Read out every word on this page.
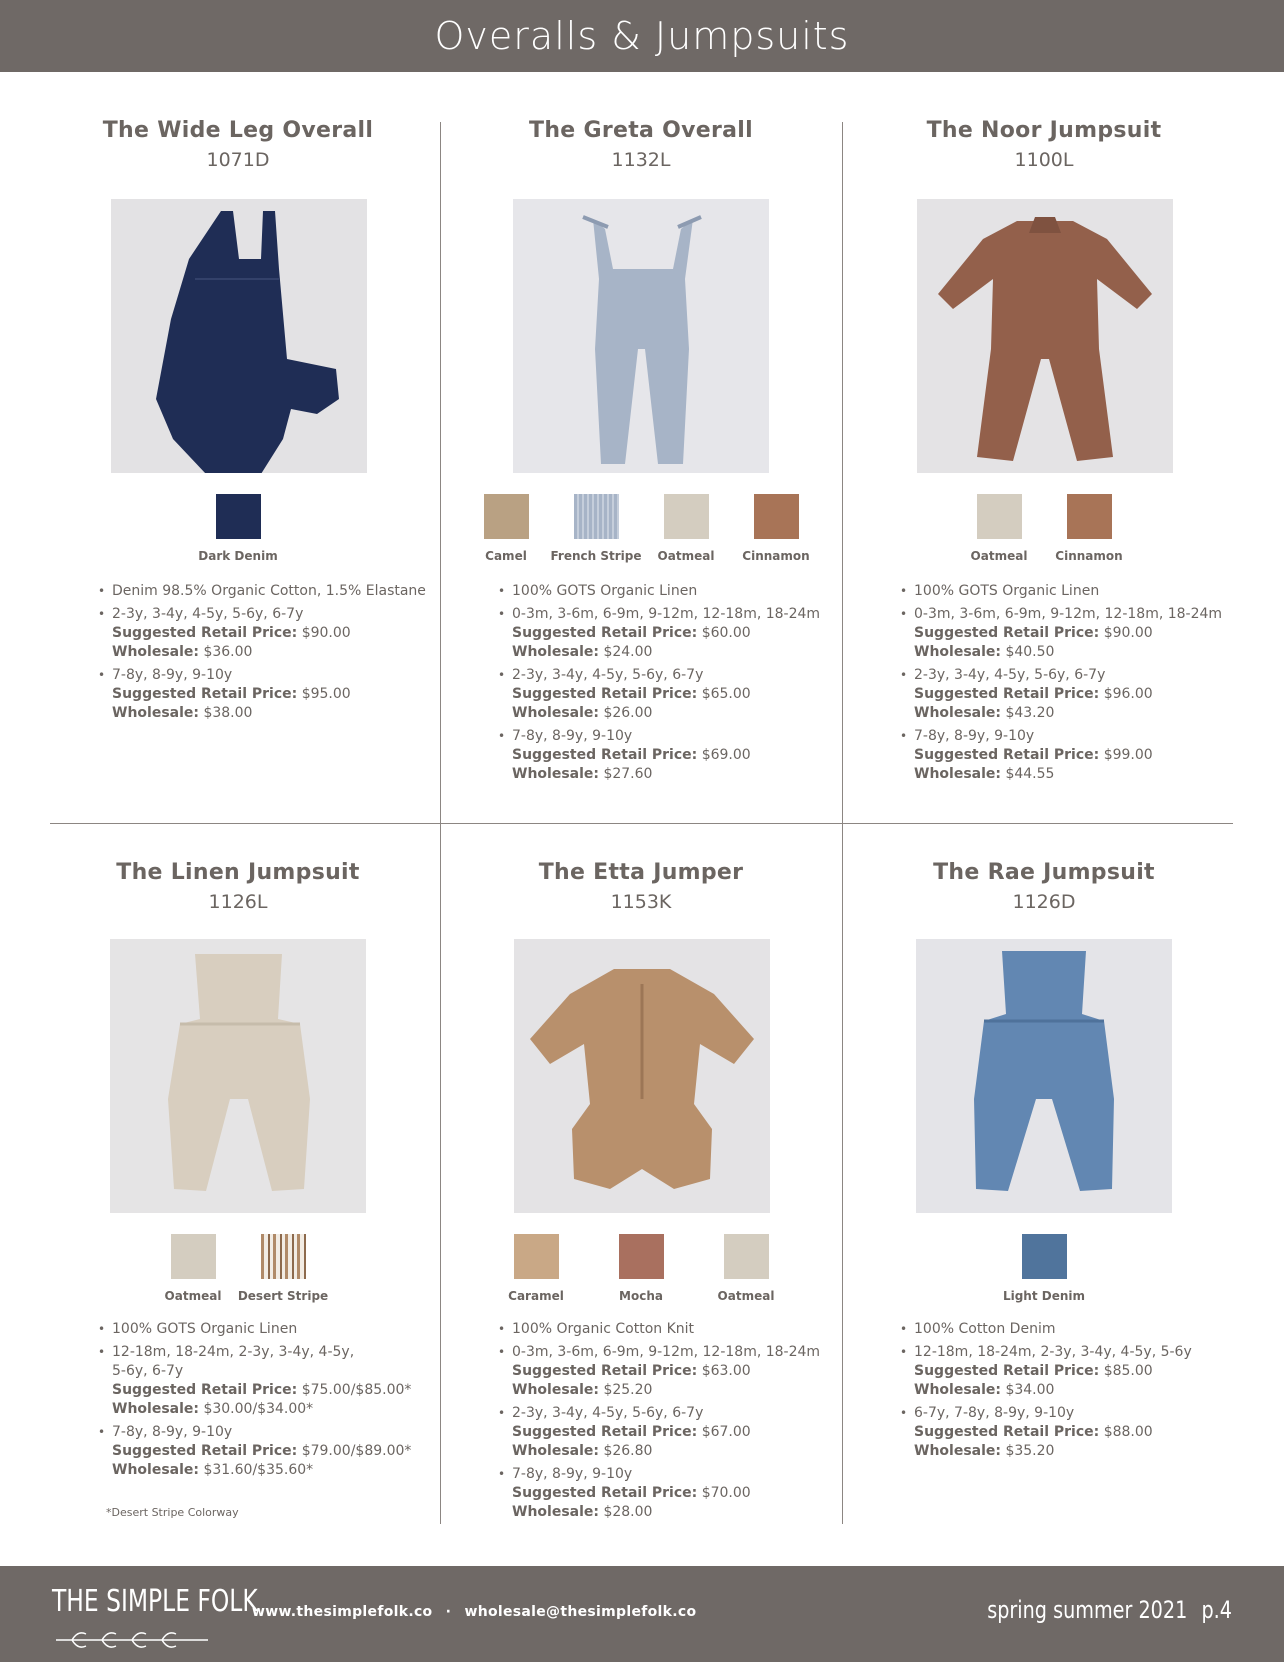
Overalls & Jumpsuits
The Wide Leg Overall
1071D
Dark Denim
• Denim 98.5% Organic Cotton, 1.5% Elastane
• 2-3y, 3-4y, 4-5y, 5-6y, 6-7y
Suggested Retail Price: $90.00
Wholesale: $36.00
• 7-8y, 8-9y, 9-10y
Suggested Retail Price: $95.00
Wholesale: $38.00
The Greta Overall
1132L
Camel French Stripe Oatmeal Cinnamon
• 100% GOTS Organic Linen
• 0-3m, 3-6m, 6-9m, 9-12m, 12-18m, 18-24m
Suggested Retail Price: $60.00
Wholesale: $24.00
• 2-3y, 3-4y, 4-5y, 5-6y, 6-7y
Suggested Retail Price: $65.00
Wholesale: $26.00
• 7-8y, 8-9y, 9-10y
Suggested Retail Price: $69.00
Wholesale: $27.60
The Noor Jumpsuit
1100L
Oatmeal Cinnamon
• 100% GOTS Organic Linen
• 0-3m, 3-6m, 6-9m, 9-12m, 12-18m, 18-24m
Suggested Retail Price: $90.00
Wholesale: $40.50
• 2-3y, 3-4y, 4-5y, 5-6y, 6-7y
Suggested Retail Price: $96.00
Wholesale: $43.20
• 7-8y, 8-9y, 9-10y
Suggested Retail Price: $99.00
Wholesale: $44.55
The Linen Jumpsuit
1126L
Oatmeal Desert Stripe
• 100% GOTS Organic Linen
• 12-18m, 18-24m, 2-3y, 3-4y, 4-5y,
5-6y, 6-7y
Suggested Retail Price: $75.00/$85.00*
Wholesale: $30.00/$34.00*
• 7-8y, 8-9y, 9-10y
Suggested Retail Price: $79.00/$89.00*
Wholesale: $31.60/$35.60*
*Desert Stripe Colorway
The Etta Jumper
1153K
Caramel	Mocha	Oatmeal
• 100% Organic Cotton Knit
• 0-3m, 3-6m, 6-9m, 9-12m, 12-18m, 18-24m
Suggested Retail Price: $63.00
Wholesale: $25.20
• 2-3y, 3-4y, 4-5y, 5-6y, 6-7y
Suggested Retail Price: $67.00
Wholesale: $26.80
• 7-8y, 8-9y, 9-10y
Suggested Retail Price: $70.00
Wholesale: $28.00
The Rae Jumpsuit
1126D
Light Denim
• 100% Cotton Denim
• 12-18m, 18-24m, 2-3y, 3-4y, 4-5y, 5-6y
Suggested Retail Price: $85.00
Wholesale: $34.00
• 6-7y, 7-8y, 8-9y, 9-10y
Suggested Retail Price: $88.00
Wholesale: $35.20
THE SIMPLE FOLK
www.thesimplefolk.co · wholesale@thesimplefolk.co	spring summer 2021 p.4
